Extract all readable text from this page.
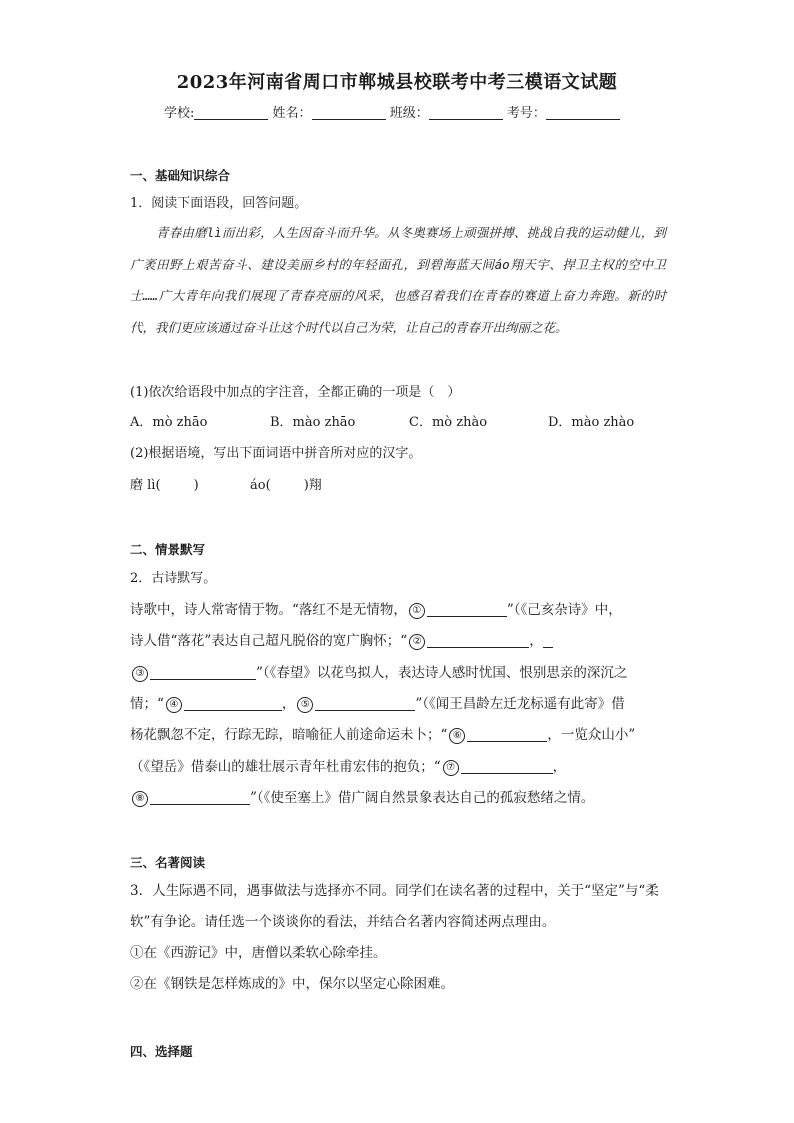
2023年河南省周口市郸城县校联考中考三模语文试题
学校:	姓名：	班级：	考号：
一、基础知识综合
1．阅读下面语段，回答问题。

青春由磨lì而出彩，人生因奋斗而升华。从冬奥赛场上顽强拼搏、挑战自我的运动健儿，到广袤田野上艰苦奋斗、建设美丽乡村的年轻面孔，到碧海蓝天间áo翔天宇、捍卫主权的空中卫士……广大青年向我们展现了青春亮丽的风采，也感召着我们在青春的赛道上奋力奔跑。新的时代，我们更应该通过奋斗让这个时代以自己为荣，让自己的青春开出绚丽之花。

(1)依次给语段中加点的字注音，全都正确的一项是（　）
A．mò zhāo	B．mào zhāo	C．mò zhào	D．mào zhào
(2)根据语境，写出下面词语中拼音所对应的汉字。
磨 lì(        )	áo(        )翔
二、情景默写
2．古诗默写。
诗歌中，诗人常寄情于物。“落红不是无情物， ①	”（《己亥杂诗》中，
诗人借“落花”表达自己超凡脱俗的宽广胸怀；“ ②	，
③	”（《春望》以花鸟拟人，表达诗人感时忧国、恨别思亲的深沉之
情；“ ④	， ⑤	”（《闻王昌龄左迁龙标遥有此寄》借
杨花飘忽不定，行踪无踪，暗喻征人前途命运未卜；“ ⑥	，一览众山小”
（《望岳》借泰山的雄壮展示青年杜甫宏伟的抱负；“ ⑦	，
⑧	”（《使至塞上》借广阔自然景象表达自己的孤寂愁绪之情。
三、名著阅读
3．人生际遇不同，遇事做法与选择亦不同。同学们在读名著的过程中，关于“坚定”与“柔
软”有争论。请任选一个谈谈你的看法，并结合名著内容简述两点理由。
①在《西游记》中，唐僧以柔软心除牵挂。
②在《钢铁是怎样炼成的》中，保尔以坚定心除困难。
四、选择题
